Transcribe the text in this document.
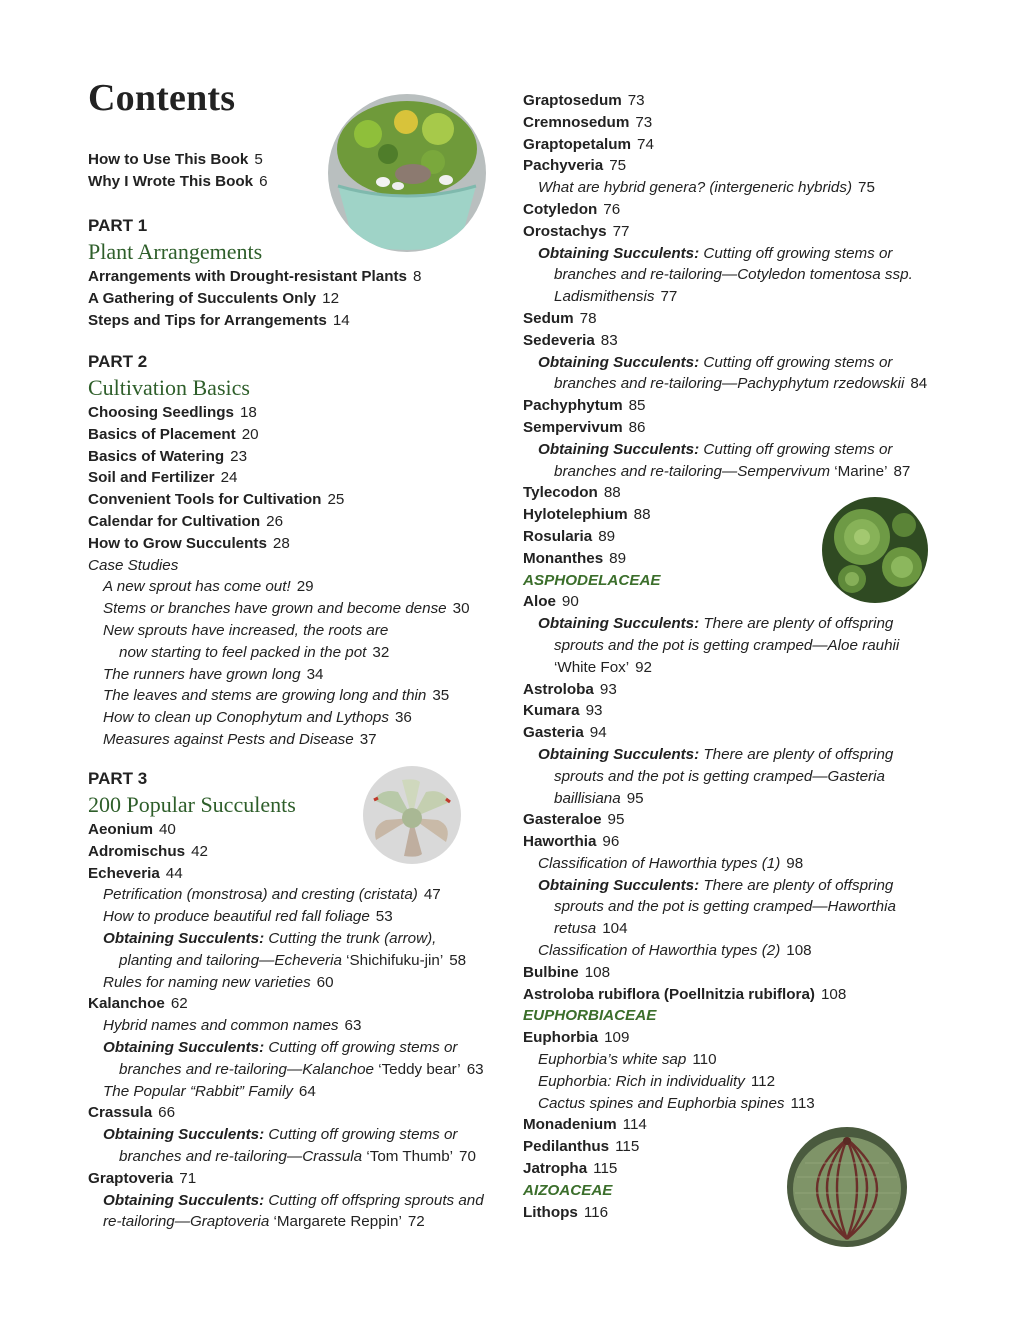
Contents
How to Use This Book 5
Why I Wrote This Book 6
PART 1
Plant Arrangements
Arrangements with Drought-resistant Plants 8
A Gathering of Succulents Only 12
Steps and Tips for Arrangements 14
PART 2
Cultivation Basics
Choosing Seedlings 18
Basics of Placement 20
Basics of Watering 23
Soil and Fertilizer 24
Convenient Tools for Cultivation 25
Calendar for Cultivation 26
How to Grow Succulents 28
Case Studies
A new sprout has come out! 29
Stems or branches have grown and become dense 30
New sprouts have increased, the roots are
now starting to feel packed in the pot 32
The runners have grown long 34
The leaves and stems are growing long and thin 35
How to clean up Conophytum and Lythops 36
Measures against Pests and Disease 37
PART 3
200 Popular Succulents
Aeonium 40
Adromischus 42
Echeveria 44
Petrification (monstrosa) and cresting (cristata) 47
How to produce beautiful red fall foliage 53
Obtaining Succulents: Cutting the trunk (arrow),
planting and tailoring—Echeveria ‘Shichifuku-jin’ 58
Rules for naming new varieties 60
Kalanchoe 62
Hybrid names and common names 63
Obtaining Succulents: Cutting off growing stems or
branches and re-tailoring—Kalanchoe ‘Teddy bear’ 63
The Popular “Rabbit” Family 64
Crassula 66
Obtaining Succulents: Cutting off growing stems or
branches and re-tailoring—Crassula ‘Tom Thumb’ 70
Graptoveria 71
Obtaining Succulents: Cutting off offspring sprouts and
re-tailoring—Graptoveria ‘Margarete Reppin’ 72
Graptosedum 73
Cremnosedum 73
Graptopetalum 74
Pachyveria 75
What are hybrid genera? (intergeneric hybrids) 75
Cotyledon 76
Orostachys 77
Obtaining Succulents: Cutting off growing stems or
branches and re-tailoring—Cotyledon tomentosa ssp.
Ladismithensis 77
Sedum 78
Sedeveria 83
Obtaining Succulents: Cutting off growing stems or
branches and re-tailoring—Pachyphytum rzedowskii 84
Pachyphytum 85
Sempervivum 86
Obtaining Succulents: Cutting off growing stems or
branches and re-tailoring—Sempervivum ‘Marine’ 87
Tylecodon 88
Hylotelephium 88
Rosularia 89
Monanthes 89
ASPHODELACEAE
Aloe 90
Obtaining Succulents: There are plenty of offspring
sprouts and the pot is getting cramped—Aloe rauhii
‘White Fox’ 92
Astroloba 93
Kumara 93
Gasteria 94
Obtaining Succulents: There are plenty of offspring
sprouts and the pot is getting cramped—Gasteria
baillisiana 95
Gasteraloe 95
Haworthia 96
Classification of Haworthia types (1) 98
Obtaining Succulents: There are plenty of offspring
sprouts and the pot is getting cramped—Haworthia
retusa 104
Classification of Haworthia types (2) 108
Bulbine 108
Astroloba rubiflora (Poellnitzia rubiflora) 108
EUPHORBIACEAE
Euphorbia 109
Euphorbia’s white sap 110
Euphorbia: Rich in individuality 112
Cactus spines and Euphorbia spines 113
Monadenium 114
Pedilanthus 115
Jatropha 115
AIZOACEAE
Lithops 116
